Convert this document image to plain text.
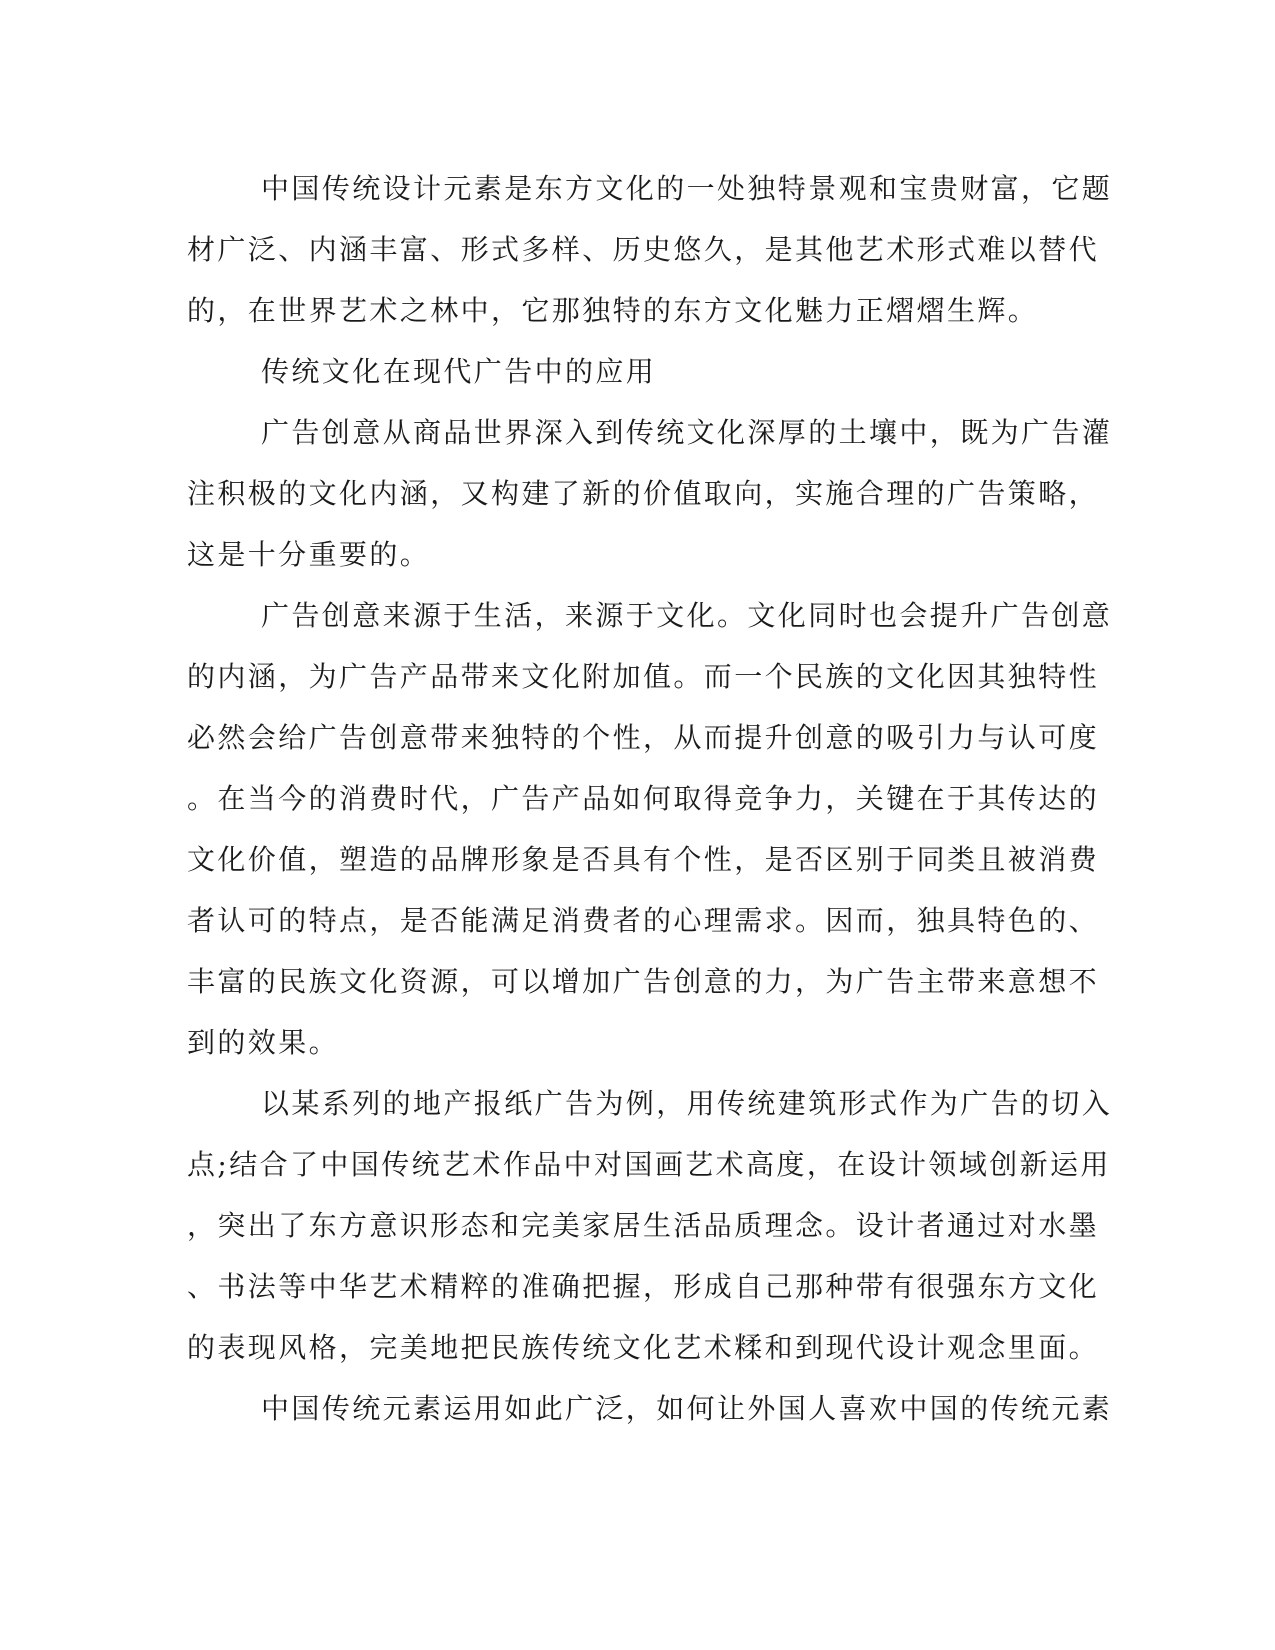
中国传统设计元素是东方文化的一处独特景观和宝贵财富，它题
材广泛、内涵丰富、形式多样、历史悠久，是其他艺术形式难以替代
的，在世界艺术之林中，它那独特的东方文化魅力正熠熠生辉。
传统文化在现代广告中的应用
广告创意从商品世界深入到传统文化深厚的土壤中，既为广告灌
注积极的文化内涵，又构建了新的价值取向，实施合理的广告策略，
这是十分重要的。
广告创意来源于生活，来源于文化。文化同时也会提升广告创意
的内涵，为广告产品带来文化附加值。而一个民族的文化因其独特性
必然会给广告创意带来独特的个性，从而提升创意的吸引力与认可度
。在当今的消费时代，广告产品如何取得竞争力，关键在于其传达的
文化价值，塑造的品牌形象是否具有个性，是否区别于同类且被消费
者认可的特点，是否能满足消费者的心理需求。因而，独具特色的、
丰富的民族文化资源，可以增加广告创意的力，为广告主带来意想不
到的效果。
以某系列的地产报纸广告为例，用传统建筑形式作为广告的切入
点;结合了中国传统艺术作品中对国画艺术高度，在设计领域创新运用
，突出了东方意识形态和完美家居生活品质理念。设计者通过对水墨
、书法等中华艺术精粹的准确把握，形成自己那种带有很强东方文化
的表现风格，完美地把民族传统文化艺术糅和到现代设计观念里面。
中国传统元素运用如此广泛，如何让外国人喜欢中国的传统元素
